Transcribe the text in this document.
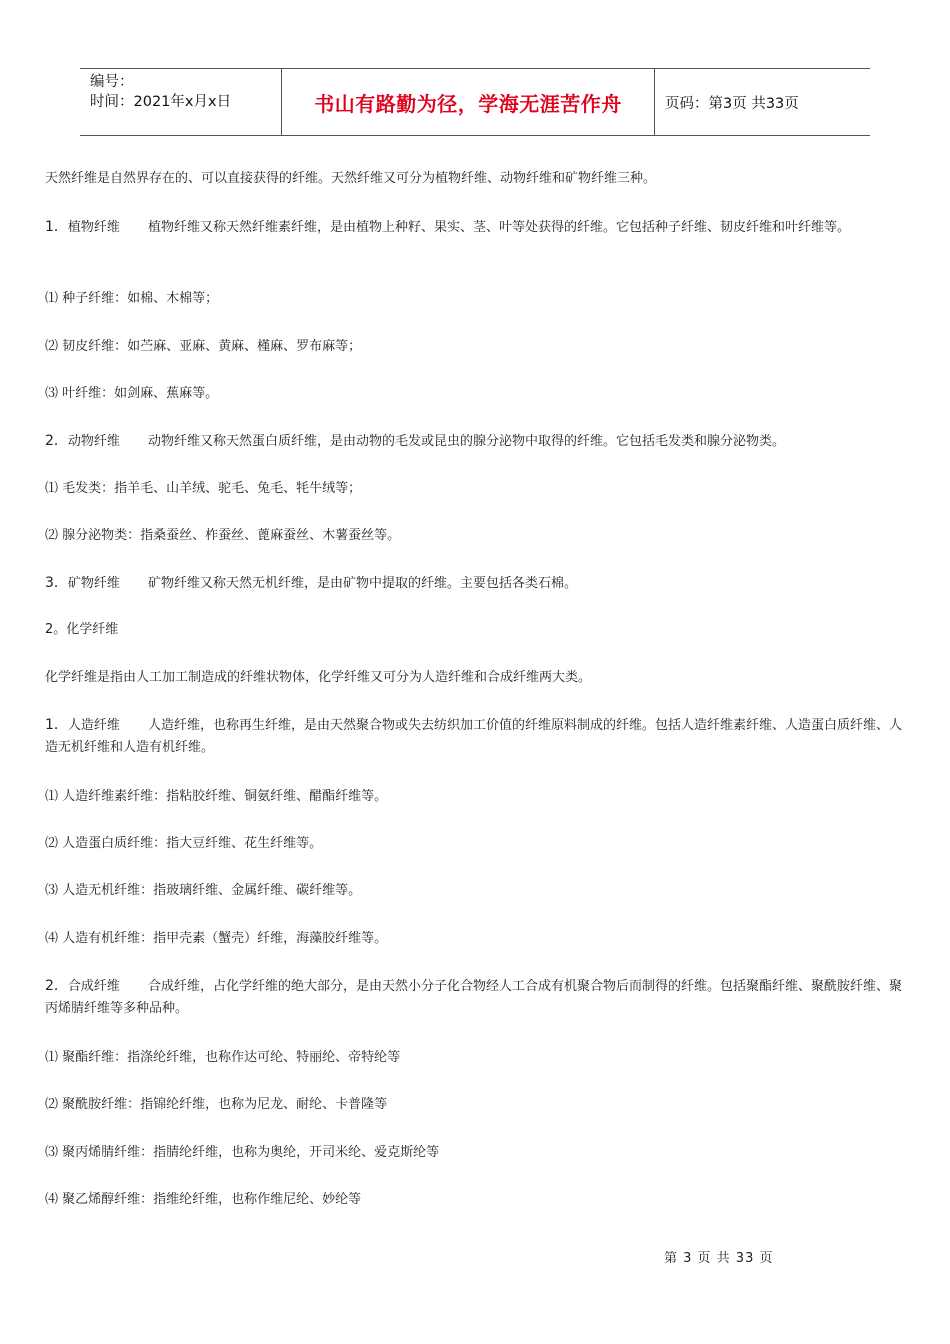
编号：
时间：2021年x月x日	书山有路勤为径，学海无涯苦作舟	页码：第3页 共33页
天然纤维是自然界存在的、可以直接获得的纤维。天然纤维又可分为植物纤维、动物纤维和矿物纤维三种。
1．植物纤维 植物纤维又称天然纤维素纤维，是由植物上种籽、果实、茎、叶等处获得的纤维。它包括种子纤维、韧皮纤维和叶纤维等。
⑴ 种子纤维：如棉、木棉等；
⑵ 韧皮纤维：如苎麻、亚麻、黄麻、槿麻、罗布麻等；
⑶ 叶纤维：如剑麻、蕉麻等。
2．动物纤维 动物纤维又称天然蛋白质纤维，是由动物的毛发或昆虫的腺分泌物中取得的纤维。它包括毛发类和腺分泌物类。
⑴ 毛发类：指羊毛、山羊绒、驼毛、兔毛、牦牛绒等；
⑵ 腺分泌物类：指桑蚕丝、柞蚕丝、蓖麻蚕丝、木薯蚕丝等。
3．矿物纤维 矿物纤维又称天然无机纤维，是由矿物中提取的纤维。主要包括各类石棉。
2。化学纤维
化学纤维是指由人工加工制造成的纤维状物体，化学纤维又可分为人造纤维和合成纤维两大类。
1．人造纤维 人造纤维，也称再生纤维，是由天然聚合物或失去纺织加工价值的纤维原料制成的纤维。包括人造纤维素纤维、人造蛋白质纤维、人造无机纤维和人造有机纤维。
⑴ 人造纤维素纤维：指粘胶纤维、铜氨纤维、醋酯纤维等。
⑵ 人造蛋白质纤维：指大豆纤维、花生纤维等。
⑶ 人造无机纤维：指玻璃纤维、金属纤维、碳纤维等。
⑷ 人造有机纤维：指甲壳素（蟹壳）纤维，海藻胶纤维等。
2．合成纤维 合成纤维，占化学纤维的绝大部分，是由天然小分子化合物经人工合成有机聚合物后而制得的纤维。包括聚酯纤维、聚酰胺纤维、聚丙烯腈纤维等多种品种。
⑴ 聚酯纤维：指涤纶纤维，也称作达可纶、特丽纶、帝特纶等
⑵ 聚酰胺纤维：指锦纶纤维，也称为尼龙、耐纶、卡普隆等
⑶ 聚丙烯腈纤维：指腈纶纤维，也称为奥纶，开司米纶、爱克斯纶等
⑷ 聚乙烯醇纤维：指维纶纤维，也称作维尼纶、妙纶等
第 3 页 共 33 页
